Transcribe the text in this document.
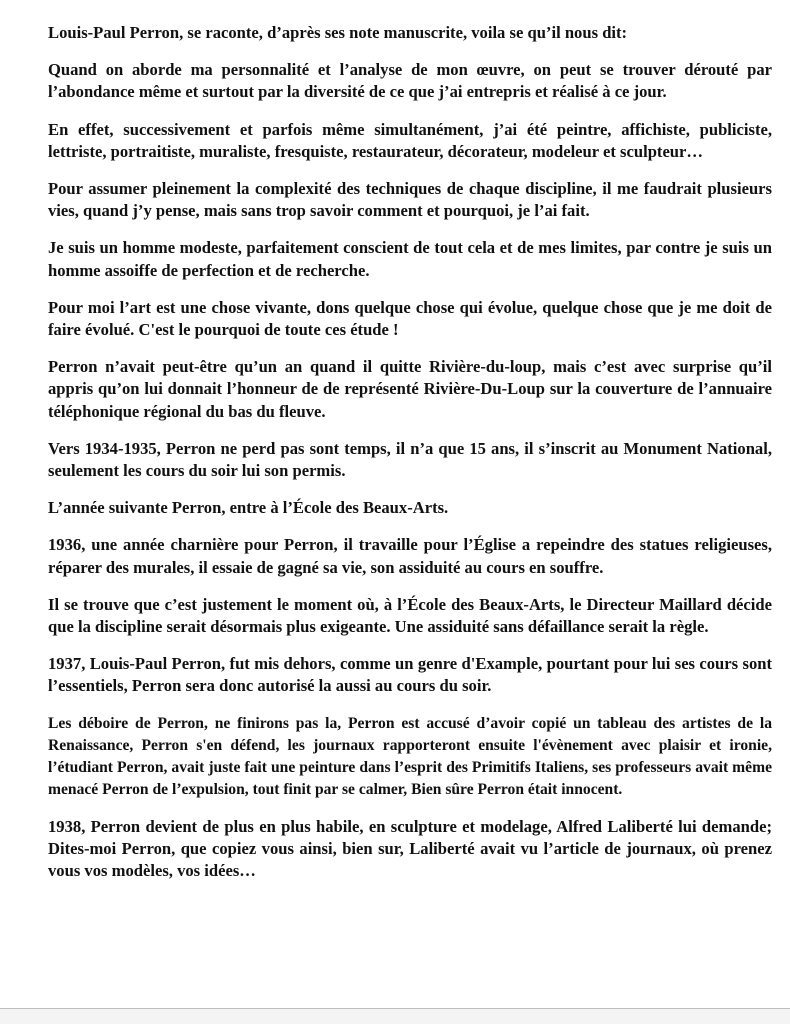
Louis-Paul Perron, se raconte, d’après ses note manuscrite, voila se qu’il nous dit:

Quand on aborde ma personnalité et l’analyse de mon œuvre, on peut se trouver dérouté par l’abondance même et surtout par la diversité de ce que j’ai entrepris et réalisé à ce jour.

En effet, successivement et parfois même simultanément, j’ai été peintre, affichiste, publiciste, lettriste, portraitiste, muraliste, fresquiste, restaurateur, décorateur, modeleur et sculpteur…

Pour assumer pleinement la complexité des techniques de chaque discipline, il me faudrait plusieurs vies, quand j’y pense, mais sans trop savoir comment et pourquoi, je l’ai fait.

Je suis un homme modeste, parfaitement conscient de tout cela et de mes limites, par contre je suis un homme assoiffe de perfection et de recherche.

Pour moi l’art est une chose vivante, dons quelque chose qui évolue, quelque chose que je me doit de faire évolué. C'est le pourquoi de toute ces étude !

Perron n’avait peut-être qu’un an quand il quitte Rivière-du-loup, mais c’est avec surprise qu’il appris qu’on lui donnait l’honneur de de représenté Rivière-Du-Loup sur la couverture de l’annuaire téléphonique régional du bas du fleuve.

Vers 1934-1935, Perron ne perd pas sont temps, il n’a que 15 ans, il s’inscrit au Monument National, seulement les cours du soir lui son permis.

L’année suivante Perron, entre à l’École des Beaux-Arts.

1936, une année charnière pour Perron, il travaille pour l’Église a repeindre des statues religieuses, réparer des murales, il essaie de gagné sa vie, son assiduité au cours en souffre.

Il se trouve que c’est justement le moment où, à l’École des Beaux-Arts, le Directeur Maillard décide que la discipline serait désormais plus exigeante. Une assiduité sans défaillance serait la règle.

1937, Louis-Paul Perron, fut mis dehors, comme un genre d'Example, pourtant pour lui ses cours sont l’essentiels, Perron sera donc autorisé la aussi au cours du soir.

Les déboire de Perron, ne finirons pas la, Perron est accusé d’avoir copié un tableau des artistes de la Renaissance, Perron s'en défend, les journaux rapporteront ensuite l'évènement avec plaisir et ironie, l’étudiant Perron, avait juste fait une peinture dans l’esprit des Primitifs Italiens, ses professeurs avait même menacé Perron de l’expulsion, tout finit par se calmer, Bien sûre Perron était innocent.

1938, Perron devient de plus en plus habile, en sculpture et modelage, Alfred Laliberté lui demande; Dites-moi Perron, que copiez vous ainsi, bien sur, Laliberté avait vu l’article de journaux, où prenez vous vos modèles, vos idées…
